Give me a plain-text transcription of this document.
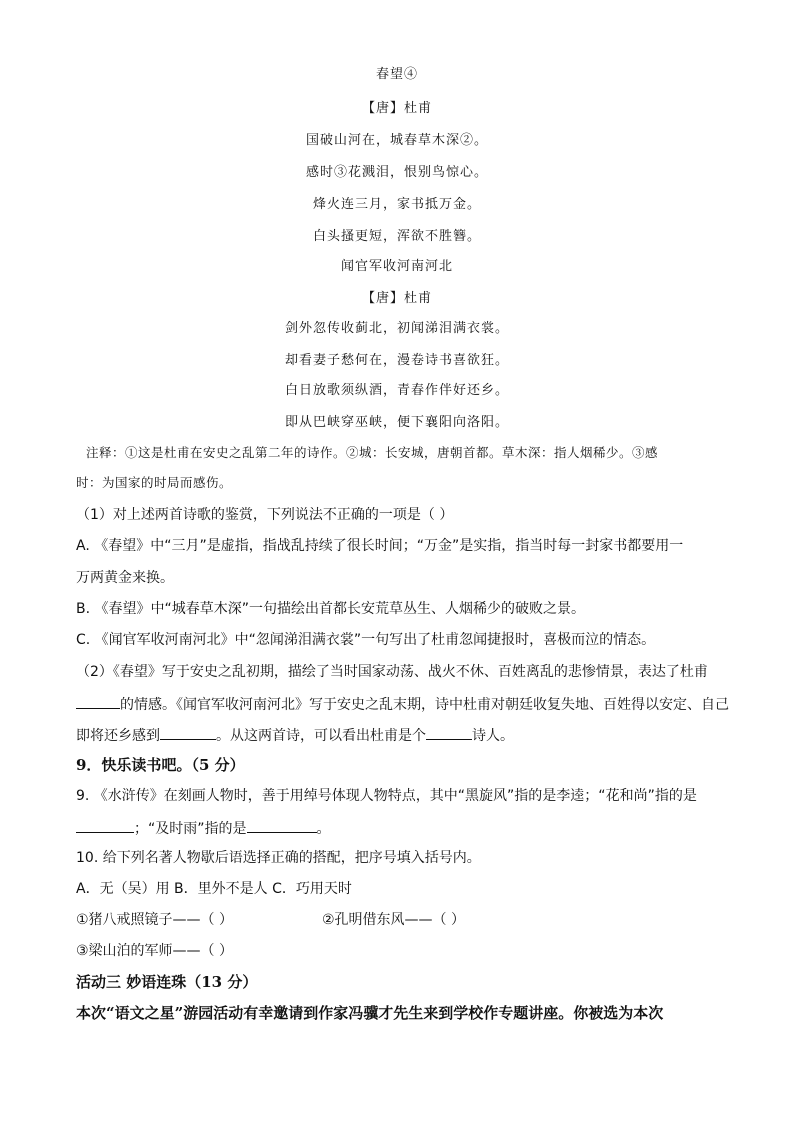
春望④
【唐】杜甫
国破山河在，城春草木深②。
感时③花溅泪，恨别鸟惊心。
烽火连三月，家书抵万金。
白头搔更短，浑欲不胜簪。
闻官军收河南河北
【唐】杜甫
剑外忽传收蓟北，初闻涕泪满衣裳。
却看妻子愁何在，漫卷诗书喜欲狂。
白日放歌须纵酒，青春作伴好还乡。
即从巴峡穿巫峡，便下襄阳向洛阳。
注释：①这是杜甫在安史之乱第二年的诗作。②城：长安城，唐朝首都。草木深：指人烟稀少。③感
时：为国家的时局而感伤。
（1）对上述两首诗歌的鉴赏，下列说法不正确的一项是（ ）
A. 《春望》中“三月”是虚指，指战乱持续了很长时间；“万金”是实指，指当时每一封家书都要用一
万两黄金来换。
B. 《春望》中“城春草木深”一句描绘出首都长安荒草丛生、人烟稀少的破败之景。
C. 《闻官军收河南河北》中“忽闻涕泪满衣裳”一句写出了杜甫忽闻捷报时，喜极而泣的情态。
（2）《春望》写于安史之乱初期，描绘了当时国家动荡、战火不休、百姓离乱的悲惨情景，表达了杜甫
的情感。《闻官军收河南河北》写于安史之乱末期，诗中杜甫对朝廷收复失地、百姓得以安定、自己
即将还乡感到	。从这两首诗，可以看出杜甫是个	诗人。
9．快乐读书吧。（5 分）
9. 《水浒传》在刻画人物时，善于用绰号体现人物特点，其中“黑旋风”指的是李逵；“花和尚”指的是
；“及时雨”指的是	。
10. 给下列名著人物歇后语选择正确的搭配，把序号填入括号内。
A．无（吴）用 B．里外不是人 C．巧用天时
①猪八戒照镜子——（ ）	②孔明借东风——（ ）
③梁山泊的军师——（ ）
活动三 妙语连珠（13 分）
本次“语文之星”游园活动有幸邀请到作家冯骥才先生来到学校作专题讲座。你被选为本次
